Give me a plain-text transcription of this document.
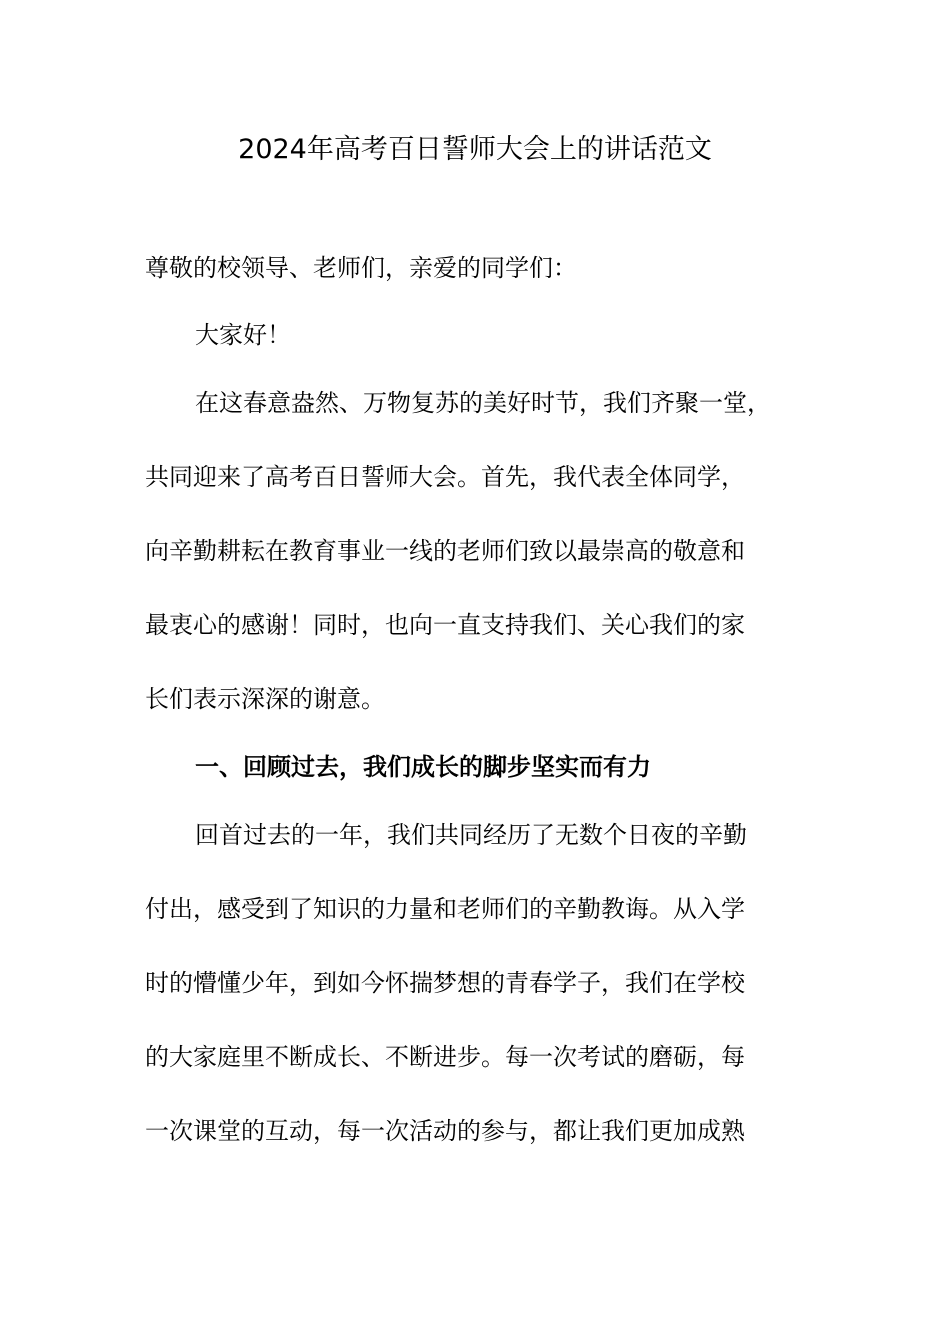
2024年高考百日誓师大会上的讲话范文
尊敬的校领导、老师们，亲爱的同学们：
大家好！
在这春意盎然、万物复苏的美好时节，我们齐聚一堂，
共同迎来了高考百日誓师大会。首先，我代表全体同学，
向辛勤耕耘在教育事业一线的老师们致以最崇高的敬意和
最衷心的感谢！同时，也向一直支持我们、关心我们的家
长们表示深深的谢意。
一、回顾过去，我们成长的脚步坚实而有力
回首过去的一年，我们共同经历了无数个日夜的辛勤
付出，感受到了知识的力量和老师们的辛勤教诲。从入学
时的懵懂少年，到如今怀揣梦想的青春学子，我们在学校
的大家庭里不断成长、不断进步。每一次考试的磨砺，每
一次课堂的互动，每一次活动的参与，都让我们更加成熟
